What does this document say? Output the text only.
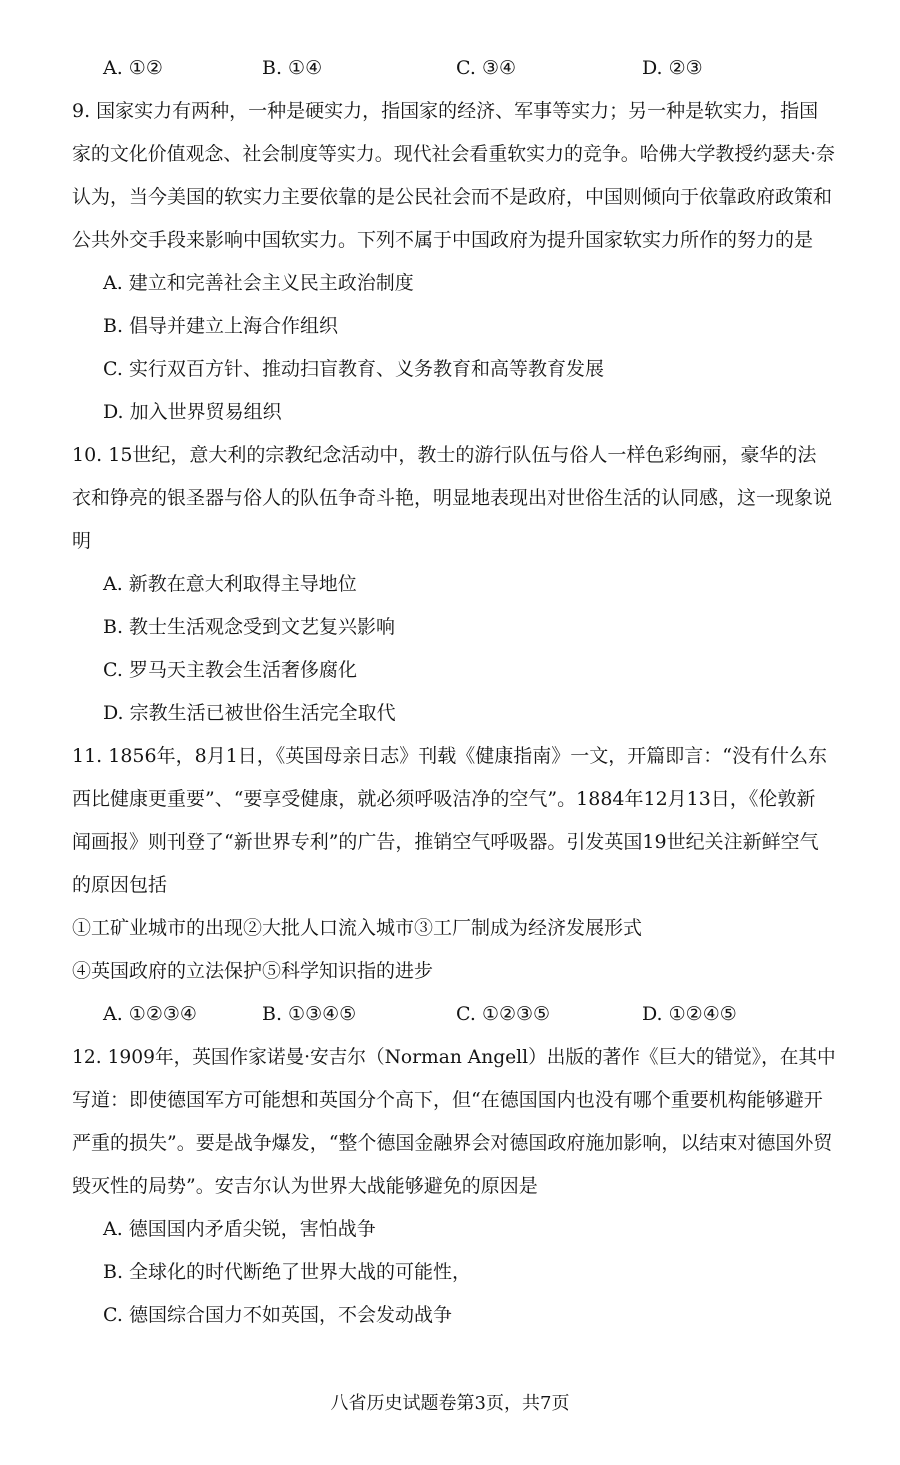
A. ①②	B. ①④	C. ③④	D. ②③
9. 国家实力有两种，一种是硬实力，指国家的经济、军事等实力；另一种是软实力，指国
家的文化价值观念、社会制度等实力。现代社会看重软实力的竞争。哈佛大学教授约瑟夫·奈
认为，当今美国的软实力主要依靠的是公民社会而不是政府，中国则倾向于依靠政府政策和
公共外交手段来影响中国软实力。下列不属于中国政府为提升国家软实力所作的努力的是
A. 建立和完善社会主义民主政治制度
B. 倡导并建立上海合作组织
C. 实行双百方针、推动扫盲教育、义务教育和高等教育发展
D. 加入世界贸易组织
10. 15世纪，意大利的宗教纪念活动中，教士的游行队伍与俗人一样色彩绚丽，豪华的法
衣和铮亮的银圣器与俗人的队伍争奇斗艳，明显地表现出对世俗生活的认同感，这一现象说
明
A. 新教在意大利取得主导地位
B. 教士生活观念受到文艺复兴影响
C. 罗马天主教会生活奢侈腐化
D. 宗教生活已被世俗生活完全取代
11. 1856年，8月1日，《英国母亲日志》刊载《健康指南》一文，开篇即言：“没有什么东
西比健康更重要”、“要享受健康，就必须呼吸洁净的空气”。1884年12月13日，《伦敦新
闻画报》则刊登了“新世界专利”的广告，推销空气呼吸器。引发英国19世纪关注新鲜空气
的原因包括
①工矿业城市的出现②大批人口流入城市③工厂制成为经济发展形式
④英国政府的立法保护⑤科学知识指的进步
A. ①②③④	B. ①③④⑤	C. ①②③⑤	D. ①②④⑤
12. 1909年，英国作家诺曼·安吉尔（Norman Angell）出版的著作《巨大的错觉》，在其中
写道：即使德国军方可能想和英国分个高下，但“在德国国内也没有哪个重要机构能够避开
严重的损失”。要是战争爆发，“整个德国金融界会对德国政府施加影响，以结束对德国外贸
毁灭性的局势”。安吉尔认为世界大战能够避免的原因是
A. 德国国内矛盾尖锐，害怕战争
B. 全球化的时代断绝了世界大战的可能性，
C. 德国综合国力不如英国，不会发动战争
八省历史试题卷第3页，共7页
